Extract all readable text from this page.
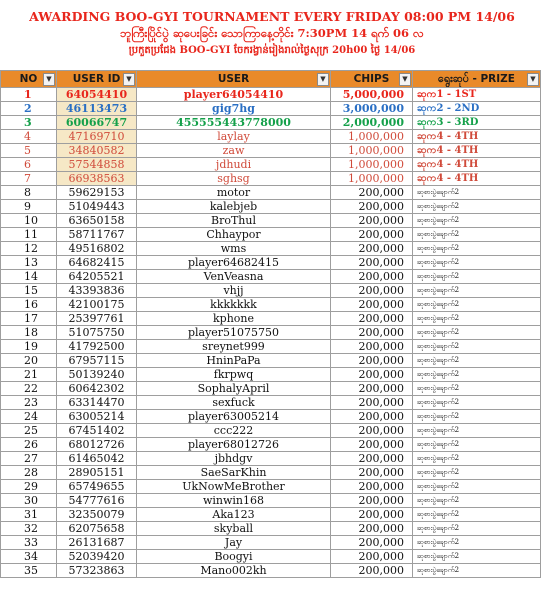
AWARDING BOO-GYI TOURNAMENT EVERY FRIDAY 08:00 PM 14/06
ဘူကြီးပြိုင်ပွဲ ဆုပေးခြင်း သောကြာနေ့တိုင်း 7:30PM 14 ရက် 06 လ
ប្រកួតប្រជែង BOO-GYI ចែករង្វាន់រៀងរាល់ថ្ងៃសុក្រ 20h00 ថ្ងៃ 14/06
NO ▼	USER ID ▼	USER ▼	CHIPS ▼	ရွေးဆုပ် - PRIZE ▼

1	64054410	player64054410	5,000,000	ဆုက1 - 1ST
2	46113473	gig7hg	3,000,000	ဆုက2 - 2ND
3	60066747	455555443778000	2,000,000	ဆုက3 - 3RD
4	47169710	laylay	1,000,000	ဆုက4 - 4TH
5	34840582	zaw	1,000,000	ဆုက4 - 4TH
6	57544858	jdhudi	1,000,000	ဆုက4 - 4TH
7	66938563	sghsg	1,000,000	ဆုက4 - 4TH
8	59629153	motor	200,000	ဆုစားပွဲချောက်2
9	51049443	kalebjeb	200,000	ဆုစားပွဲချောက်2
10	63650158	BroThul	200,000	ဆုစားပွဲချောက်2
11	58711767	Chhaypor	200,000	ဆုစားပွဲချောက်2
12	49516802	wms	200,000	ဆုစားပွဲချောက်2
13	64682415	player64682415	200,000	ဆုစားပွဲချောက်2
14	64205521	VenVeasna	200,000	ဆုစားပွဲချောက်2
15	43393836	vhjj	200,000	ဆုစားပွဲချောက်2
16	42100175	kkkkkkk	200,000	ဆုစားပွဲချောက်2
17	25397761	kphone	200,000	ဆုစားပွဲချောက်2
18	51075750	player51075750	200,000	ဆုစားပွဲချောက်2
19	41792500	sreynet999	200,000	ဆုစားပွဲချောက်2
20	67957115	HninPaPa	200,000	ဆုစားပွဲချောက်2
21	50139240	fkrpwq	200,000	ဆုစားပွဲချောက်2
22	60642302	SophalyApril	200,000	ဆုစားပွဲချောက်2
23	63314470	sexfuck	200,000	ဆုစားပွဲချောက်2
24	63005214	player63005214	200,000	ဆုစားပွဲချောက်2
25	67451402	ccc222	200,000	ဆုစားပွဲချောက်2
26	68012726	player68012726	200,000	ဆုစားပွဲချောက်2
27	61465042	jbhdgv	200,000	ဆုစားပွဲချောက်2
28	28905151	SaeSarKhin	200,000	ဆုစားပွဲချောက်2
29	65749655	UkNowMeBrother	200,000	ဆုစားပွဲချောက်2
30	54777616	winwin168	200,000	ဆုစားပွဲချောက်2
31	32350079	Aka123	200,000	ဆုစားပွဲချောက်2
32	62075658	skyball	200,000	ဆုစားပွဲချောက်2
33	26131687	Jay	200,000	ဆုစားပွဲချောက်2
34	52039420	Boogyi	200,000	ဆုစားပွဲချောက်2
35	57323863	Mano002kh	200,000	ဆုစားပွဲချောက်2
